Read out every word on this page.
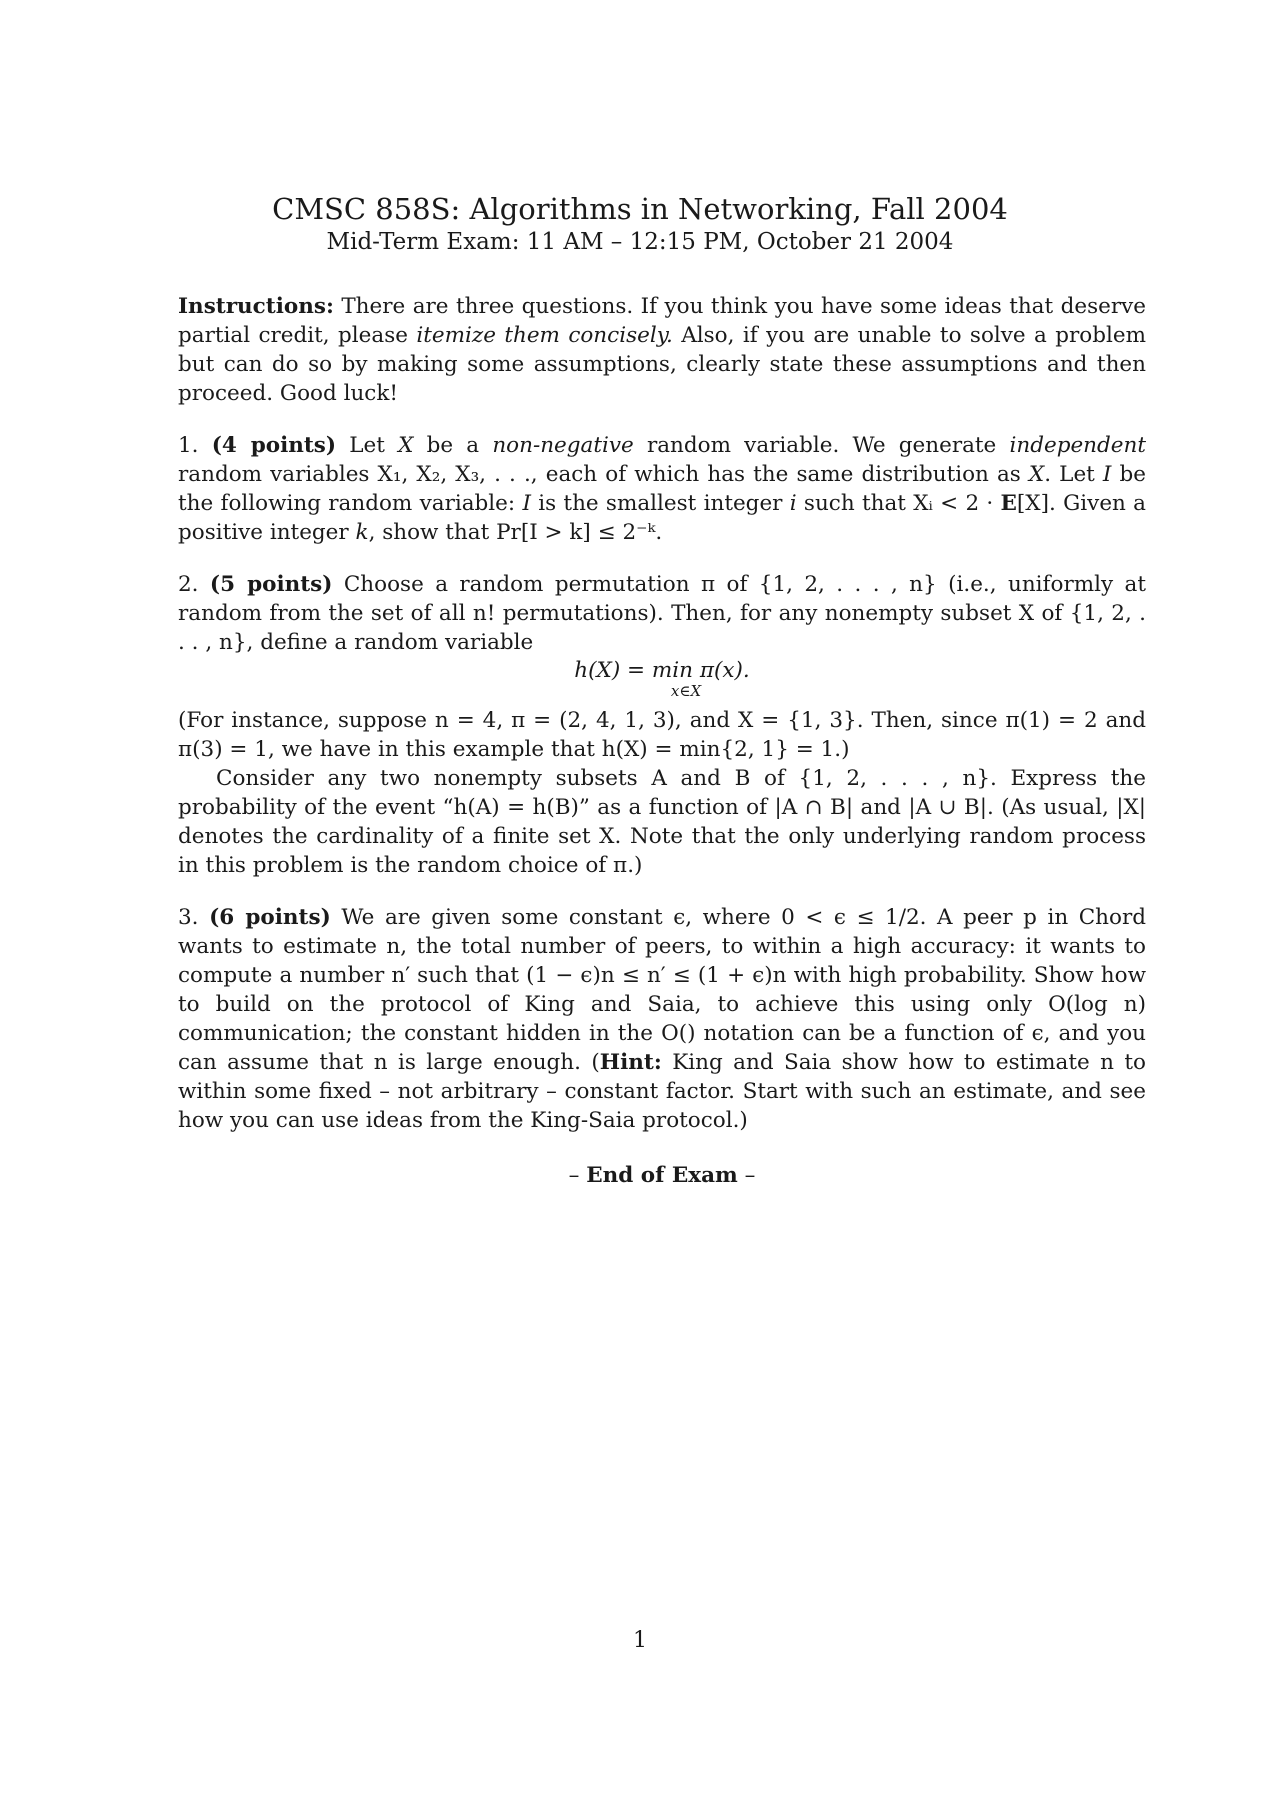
CMSC 858S: Algorithms in Networking, Fall 2004
Mid-Term Exam: 11 AM – 12:15 PM, October 21 2004

Instructions: There are three questions. If you think you have some ideas that deserve partial credit, please itemize them concisely. Also, if you are unable to solve a problem but can do so by making some assumptions, clearly state these assumptions and then proceed. Good luck!

1. (4 points) Let X be a non-negative random variable. We generate independent random variables X₁, X₂, X₃, . . ., each of which has the same distribution as X. Let I be the following random variable: I is the smallest integer i such that Xᵢ < 2 · E[X]. Given a positive integer k, show that Pr[I > k] ≤ 2⁻ᵏ.

2. (5 points) Choose a random permutation π of {1, 2, . . . , n} (i.e., uniformly at random from the set of all n! permutations). Then, for any nonempty subset X of {1, 2, . . . , n}, define a random variable

h(X) = min π(x).
x∈X

(For instance, suppose n = 4, π = (2, 4, 1, 3), and X = {1, 3}. Then, since π(1) = 2 and π(3) = 1, we have in this example that h(X) = min{2, 1} = 1.)

Consider any two nonempty subsets A and B of {1, 2, . . . , n}. Express the probability of the event “h(A) = h(B)” as a function of |A ∩ B| and |A ∪ B|. (As usual, |X| denotes the cardinality of a finite set X. Note that the only underlying random process in this problem is the random choice of π.)

3. (6 points) We are given some constant ϵ, where 0 < ϵ ≤ 1/2. A peer p in Chord wants to estimate n, the total number of peers, to within a high accuracy: it wants to compute a number n′ such that (1 − ϵ)n ≤ n′ ≤ (1 + ϵ)n with high probability. Show how to build on the protocol of King and Saia, to achieve this using only O(log n) communication; the constant hidden in the O() notation can be a function of ϵ, and you can assume that n is large enough. (Hint: King and Saia show how to estimate n to within some fixed – not arbitrary – constant factor. Start with such an estimate, and see how you can use ideas from the King-Saia protocol.)

– End of Exam –

1
